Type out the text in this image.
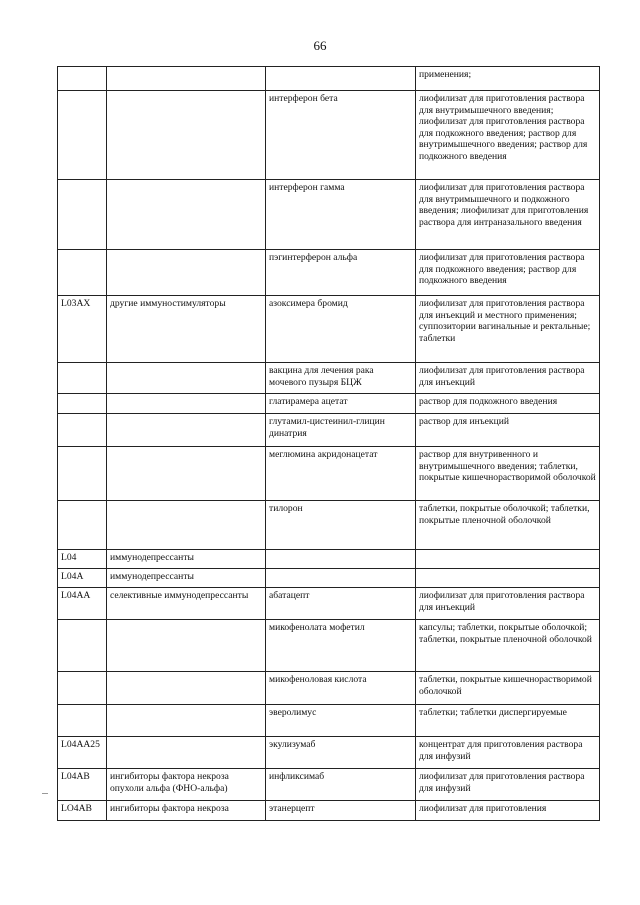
66
			применения;
		интерферон бета	лиофилизат для приготовления раствора для внутримышечного введения; лиофилизат для приготовления раствора для подкожного введения; раствор для внутримышечного введения; раствор для подкожного введения
		интерферон гамма	лиофилизат для приготовления раствора для внутримышечного и подкожного введения; лиофилизат для приготовления раствора для интраназального введения
		пэгинтерферон альфа	лиофилизат для приготовления раствора для подкожного введения; раствор для подкожного введения
L03AX	другие иммуностимуляторы	азоксимера бромид	лиофилизат для приготовления раствора для инъекций и местного применения; суппозитории вагинальные и ректальные; таблетки
		вакцина для лечения рака мочевого пузыря БЦЖ	лиофилизат для приготовления раствора для инъекций
		глатирамера ацетат	раствор для подкожного введения
		глутамил-цистеинил-глицин динатрия	раствор для инъекций
		меглюмина акридонацетат	раствор для внутривенного и внутримышечного введения; таблетки, покрытые кишечнорастворимой оболочкой
		тилорон	таблетки, покрытые оболочкой; таблетки, покрытые пленочной оболочкой
L04	иммунодепрессанты		
L04A	иммунодепрессанты		
L04AA	селективные иммунодепрессанты	абатацепт	лиофилизат для приготовления раствора для инъекций
		микофенолата мофетил	капсулы; таблетки, покрытые оболочкой; таблетки, покрытые пленочной оболочкой
		микофеноловая кислота	таблетки, покрытые кишечнорастворимой оболочкой
		эверолимус	таблетки; таблетки диспергируемые
L04AA25		экулизумаб	концентрат для приготовления раствора для инфузий
L04AB	ингибиторы фактора некроза опухоли альфа (ФНО-альфа)	инфликсимаб	лиофилизат для приготовления раствора для инфузий
LO4AB	ингибиторы фактора некроза	этанерцепт	лиофилизат для приготовления
